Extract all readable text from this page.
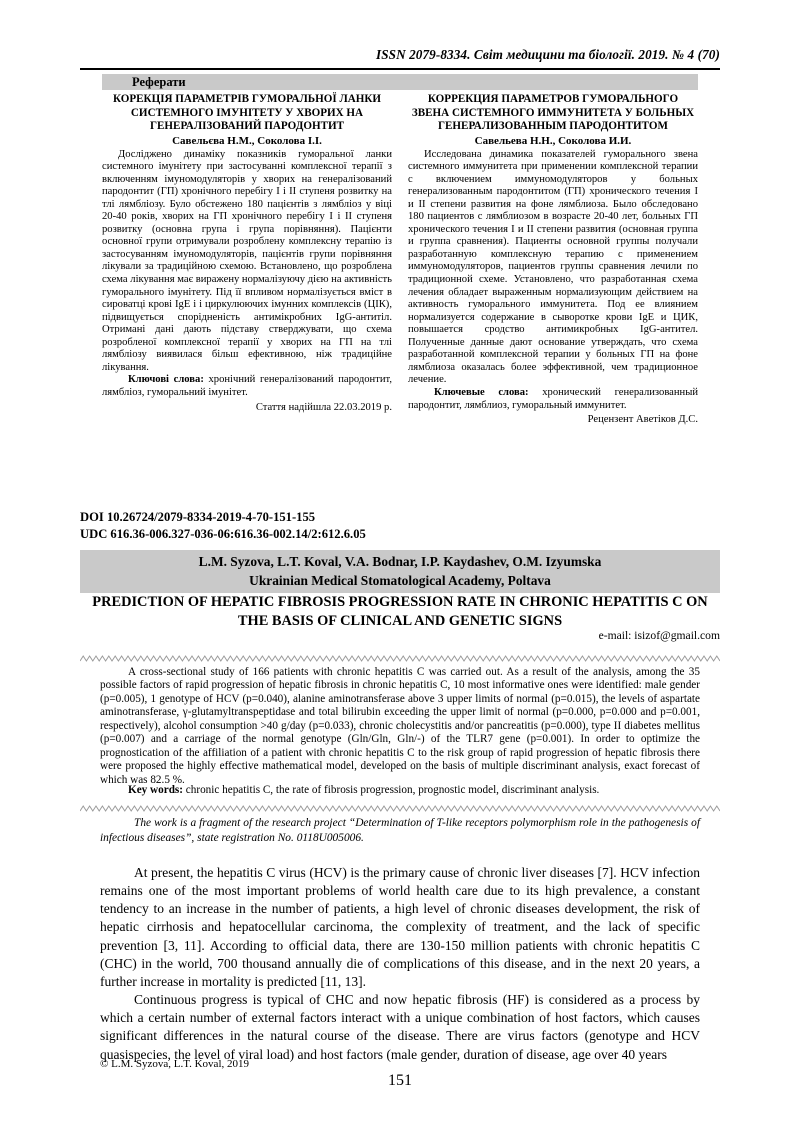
ISSN 2079-8334. Світ медицини та біології. 2019. № 4 (70)
Реферати
КОРЕКЦІЯ ПАРАМЕТРІВ ГУМОРАЛЬНОЇ ЛАНКИ СИСТЕМНОГО ІМУНІТЕТУ У ХВОРИХ НА ГЕНЕРАЛІЗОВАНИЙ ПАРОДОНТИТ
Савельєва Н.М., Соколова І.І.
Досліджено динаміку показників гуморальної ланки системного імунітету при застосуванні комплексної терапії з включенням імуномодуляторів у хворих на генералізований пародонтит (ГП) хронічного перебігу I і II ступеня розвитку на тлі лямбліозу. Було обстежено 180 пацієнтів з лямбліоз у віці 20-40 років, хворих на ГП хронічного перебігу I і II ступеня розвитку (основна група і група порівняння). Пацієнти основної групи отримували розроблену комплексну терапію із застосуванням імуномодуляторів, пацієнтів групи порівняння лікували за традиційною схемою. Встановлено, що розроблена схема лікування має виражену нормалізуючу дією на активність гуморального імунітету. Під її впливом нормалізується вміст в сироватці крові IgE і і циркулюючих імунних комплексів (ЦІК), підвищується спорідненість антимікробних IgG-антитіл. Отримані дані дають підставу стверджувати, що схема розробленої комплексної терапії у хворих на ГП на тлі лямбліозу виявилася більш ефективною, ніж традиційне лікування.
Ключові слова: хронічний генералізований пародонтит, лямбліоз, гуморальний імунітет.
Стаття надійшла 22.03.2019 р.
КОРРЕКЦИЯ ПАРАМЕТРОВ ГУМОРАЛЬНОГО ЗВЕНА СИСТЕМНОГО ИММУНИТЕТА У БОЛЬНЫХ ГЕНЕРАЛИЗОВАННЫМ ПАРОДОНТИТОМ
Савельева Н.Н., Соколова И.И.
Исследована динамика показателей гуморального звена системного иммунитета при применении комплексной терапии с включением иммуномодуляторов у больных генерализованным пародонтитом (ГП) хронического течения I и II степени развития на фоне лямблиоза. Было обследовано 180 пациентов с лямблиозом в возрасте 20-40 лет, больных ГП хронического течения I и II степени развития (основная группа и группа сравнения). Пациенты основной группы получали разработанную комплексную терапию с применением иммуномодуляторов, пациентов группы сравнения лечили по традиционной схеме. Установлено, что разработанная схема лечения обладает выраженным нормализующим действием на активность гуморального иммунитета. Под ее влиянием нормализуется содержание в сыворотке крови IgE и ЦИК, повышается сродство антимикробных IgG-антител. Полученные данные дают основание утверждать, что схема разработанной комплексной терапии у больных ГП на фоне лямблиоза оказалась более эффективной, чем традиционное лечение.
Ключевые слова: хронический генерализованный пародонтит, лямблиоз, гуморальный иммунитет.
Рецензент Аветіков Д.С.
DOI 10.26724/2079-8334-2019-4-70-151-155
UDC 616.36-006.327-036-06:616.36-002.14/2:612.6.05
L.M. Syzova, L.T. Koval, V.A. Bodnar, I.P. Kaydashev, O.M. Izyumska
Ukrainian Medical Stomatological Academy, Poltava
PREDICTION OF HEPATIC FIBROSIS PROGRESSION RATE IN CHRONIC HEPATITIS C ON THE BASIS OF CLINICAL AND GENETIC SIGNS
e-mail: isizof@gmail.com
A cross-sectional study of 166 patients with chronic hepatitis C was carried out. As a result of the analysis, among the 35 possible factors of rapid progression of hepatic fibrosis in chronic hepatitis C, 10 most informative ones were identified: male gender (p=0.005), 1 genotype of HCV (p=0.040), alanine aminotransferase above 3 upper limits of normal (p=0.015), the levels of aspartate aminotransferase, γ-glutamyltranspeptidase and total bilirubin exceeding the upper limit of normal (p=0.000, p=0.000 and p=0.001, respectively), alcohol consumption >40 g/day (p=0.033), chronic cholecystitis and/or pancreatitis (p=0.000), type II diabetes mellitus (p=0.007) and a carriage of the normal genotype (Gln/Gln, Gln/-) of the TLR7 gene (p=0.001). In order to optimize the prognostication of the affiliation of a patient with chronic hepatitis C to the risk group of rapid progression of hepatic fibrosis there were proposed the highly effective mathematical model, developed on the basis of multiple discriminant analysis, exact forecast of which was 82.5 %.
Key words: chronic hepatitis C, the rate of fibrosis progression, prognostic model, discriminant analysis.
The work is a fragment of the research project “Determination of T-like receptors polymorphism role in the pathogenesis of infectious diseases”, state registration No. 0118U005006.

At present, the hepatitis C virus (HCV) is the primary cause of chronic liver diseases [7]. HCV infection remains one of the most important problems of world health care due to its high prevalence, a constant tendency to an increase in the number of patients, a high level of chronic diseases development, the risk of hepatic cirrhosis and hepatocellular carcinoma, the complexity of treatment, and the lack of specific prevention [3, 11]. According to official data, there are 130-150 million patients with chronic hepatitis C (CHC) in the world, 700 thousand annually die of complications of this disease, and in the next 20 years, a further increase in mortality is predicted [11, 13].

Continuous progress is typical of CHC and now hepatic fibrosis (HF) is considered as a process by which a certain number of external factors interact with a unique combination of host factors, which causes significant differences in the natural course of the disease. There are virus factors (genotype and HCV quasispecies, the level of viral load) and host factors (male gender, duration of disease, age over 40 years

© L.M. Syzova, L.T. Koval, 2019
151
